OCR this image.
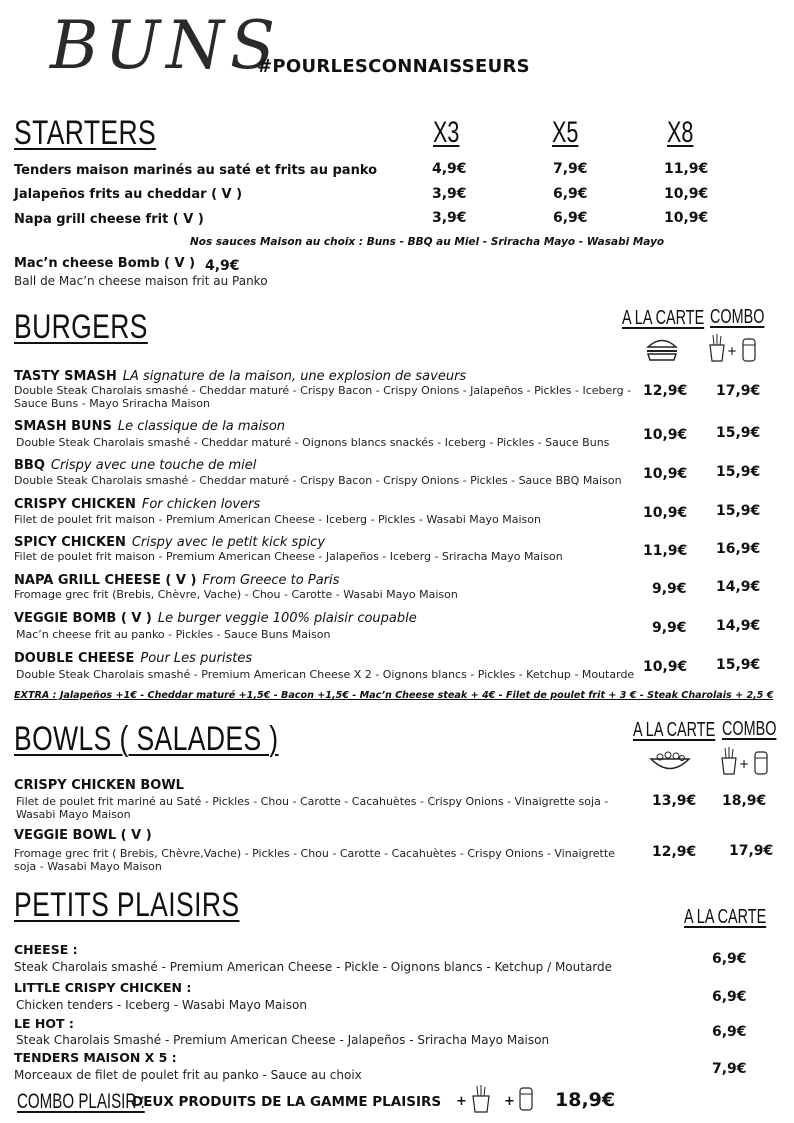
BUNS
#POURLESCONNAISSEURS
STARTERS	X3	X5	X8
Tenders maison marinés au saté et frits au panko	4,9€	7,9€	11,9€
Jalapeños frits au cheddar ( V )	3,9€	6,9€	10,9€
Napa grill cheese frit ( V )	3,9€	6,9€	10,9€
Nos sauces Maison au choix : Buns - BBQ au Miel - Sriracha Mayo - Wasabi Mayo
Mac’n cheese Bomb ( V ) 4,9€
Ball de Mac’n cheese maison frit au Panko
BURGERS	A LA CARTE COMBO
+
TASTY SMASH LA signature de la maison, une explosion de saveurs
Double Steak Charolais smashé - Cheddar maturé - Crispy Bacon - Crispy Onions - Jalapeños - Pickles - Iceberg - Sauce Buns - Mayo Sriracha Maison
12,9€ 17,9€
SMASH BUNS Le classique de la maison
Double Steak Charolais smashé - Cheddar maturé - Oignons blancs snackés - Iceberg - Pickles - Sauce Buns 10,9€ 15,9€
BBQ Crispy avec une touche de miel
Double Steak Charolais smashé - Cheddar maturé - Crispy Bacon - Crispy Onions - Pickles - Sauce BBQ Maison 10,9€ 15,9€
CRISPY CHICKEN For chicken lovers
Filet de poulet frit maison - Premium American Cheese - Iceberg - Pickles - Wasabi Mayo Maison	10,9€ 15,9€
SPICY CHICKEN Crispy avec le petit kick spicy
Filet de poulet frit maison - Premium American Cheese - Jalapeños - Iceberg - Sriracha Mayo Maison	11,9€ 16,9€
NAPA GRILL CHEESE ( V ) From Greece to Paris
Fromage grec frit (Brebis, Chèvre, Vache) - Chou - Carotte - Wasabi Mayo Maison	9,9€ 14,9€
VEGGIE BOMB ( V ) Le burger veggie 100% plaisir coupable
Mac’n cheese frit au panko - Pickles - Sauce Buns Maison	9,9€ 14,9€
DOUBLE CHEESE Pour Les puristes
Double Steak Charolais smashé - Premium American Cheese X 2 - Oignons blancs - Pickles - Ketchup - Moutarde 10,9€ 15,9€
EXTRA : Jalapeños +1€ - Cheddar maturé +1,5€ - Bacon +1,5€ - Mac’n Cheese steak + 4€ - Filet de poulet frit + 3 € - Steak Charolais + 2,5 €
BOWLS ( SALADES )	A LA CARTE COMBO
+
CRISPY CHICKEN BOWL
Filet de poulet frit mariné au Saté - Pickles - Chou - Carotte - Cacahuètes - Crispy Onions - Vinaigrette soja - Wasabi Mayo Maison
13,9€ 18,9€
VEGGIE BOWL ( V )
Fromage grec frit ( Brebis, Chèvre,Vache) - Pickles - Chou - Carotte - Cacahuètes - Crispy Onions - Vinaigrette soja - Wasabi Mayo Maison
12,9€ 17,9€
PETITS PLAISIRS	A LA CARTE
CHEESE :
Steak Charolais smashé - Premium American Cheese - Pickle - Oignons blancs - Ketchup / Moutarde	6,9€
LITTLE CRISPY CHICKEN :
Chicken tenders - Iceberg - Wasabi Mayo Maison	6,9€
LE HOT :
Steak Charolais Smashé - Premium American Cheese - Jalapeños - Sriracha Mayo Maison	6,9€
TENDERS MAISON X 5 :
Morceaux de filet de poulet frit au panko - Sauce au choix	7,9€
COMBO PLAISIR :
DEUX PRODUITS DE LA GAMME PLAISIRS +	+ 18,9€
